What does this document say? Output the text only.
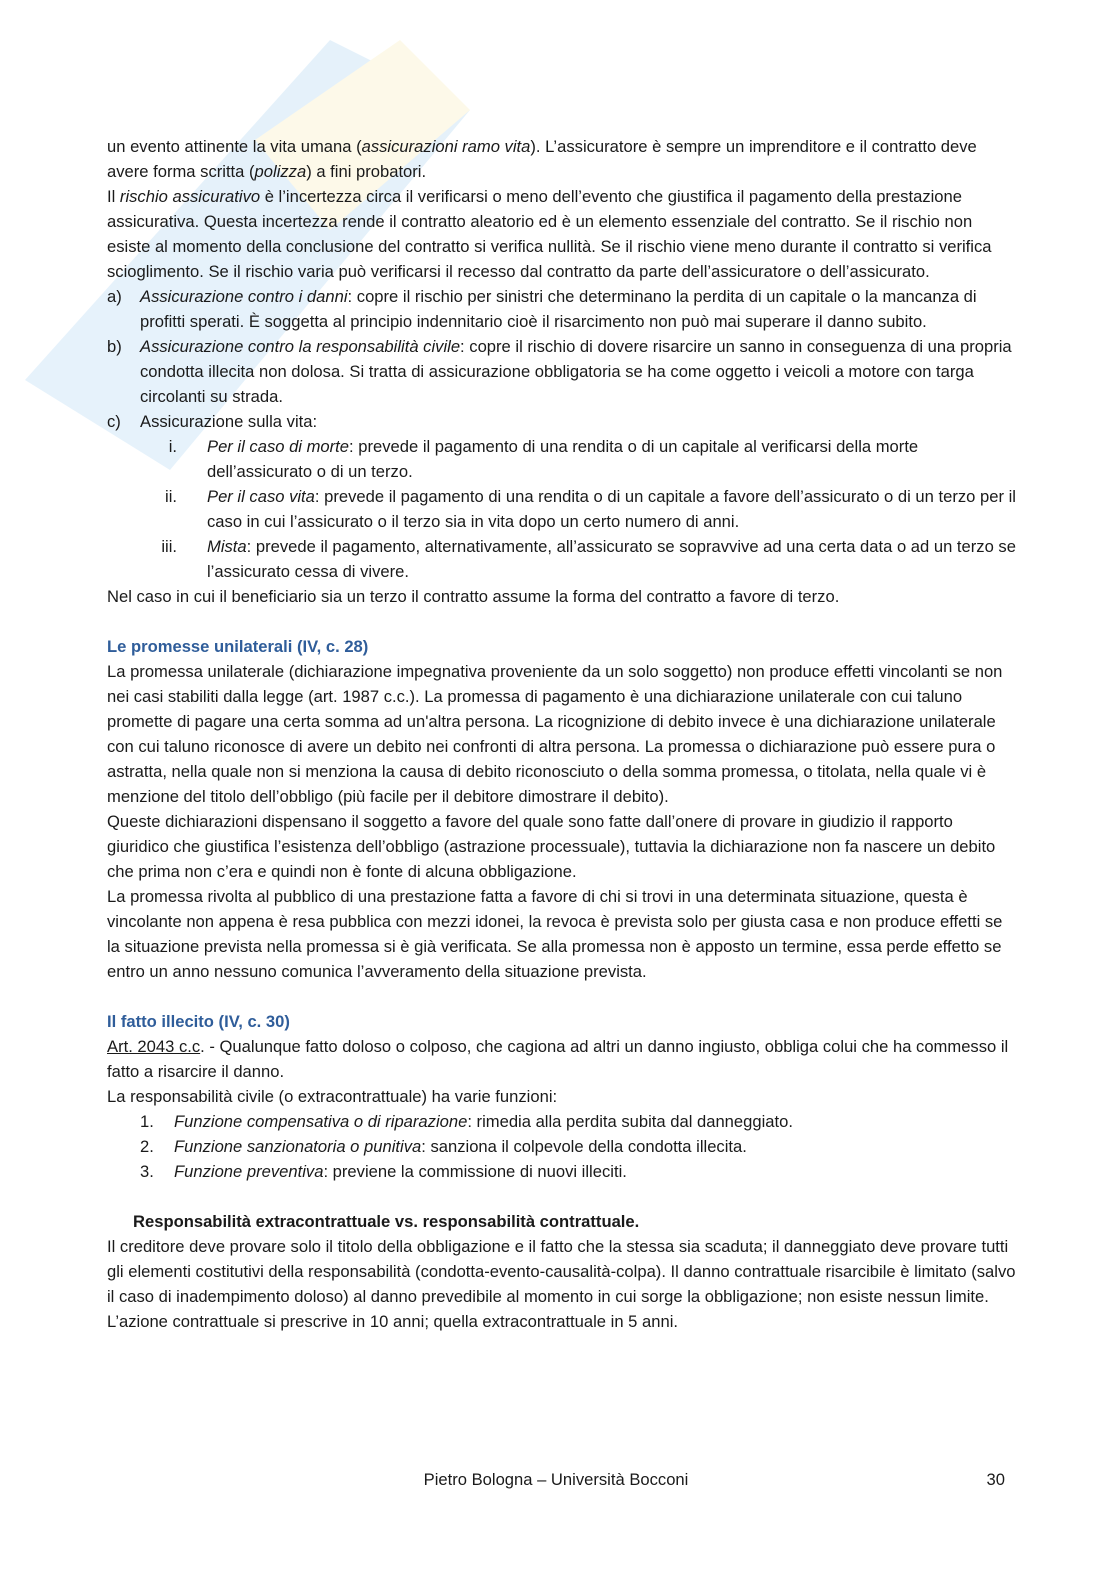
un evento attinente la vita umana (assicurazioni ramo vita). L’assicuratore è sempre un imprenditore e il contratto deve avere forma scritta (polizza) a fini probatori.

Il rischio assicurativo è l’incertezza circa il verificarsi o meno dell’evento che giustifica il pagamento della prestazione assicurativa. Questa incertezza rende il contratto aleatorio ed è un elemento essenziale del contratto. Se il rischio non esiste al momento della conclusione del contratto si verifica nullità. Se il rischio viene meno durante il contratto si verifica scioglimento. Se il rischio varia può verificarsi il recesso dal contratto da parte dell’assicuratore o dell’assicurato.

a) Assicurazione contro i danni: copre il rischio per sinistri che determinano la perdita di un capitale o la mancanza di profitti sperati. È soggetta al principio indennitario cioè il risarcimento non può mai superare il danno subito.
b) Assicurazione contro la responsabilità civile: copre il rischio di dovere risarcire un sanno in conseguenza di una propria condotta illecita non dolosa. Si tratta di assicurazione obbligatoria se ha come oggetto i veicoli a motore con targa circolanti su strada.
c) Assicurazione sulla vita:
i. Per il caso di morte: prevede il pagamento di una rendita o di un capitale al verificarsi della morte dell’assicurato o di un terzo.
ii. Per il caso vita: prevede il pagamento di una rendita o di un capitale a favore dell’assicurato o di un terzo per il caso in cui l’assicurato o il terzo sia in vita dopo un certo numero di anni.
iii. Mista: prevede il pagamento, alternativamente, all’assicurato se sopravvive ad una certa data o ad un terzo se l’assicurato cessa di vivere.

Nel caso in cui il beneficiario sia un terzo il contratto assume la forma del contratto a favore di terzo.

Le promesse unilaterali (IV, c. 28)

La promessa unilaterale (dichiarazione impegnativa proveniente da un solo soggetto) non produce effetti vincolanti se non nei casi stabiliti dalla legge (art. 1987 c.c.). La promessa di pagamento è una dichiarazione unilaterale con cui taluno promette di pagare una certa somma ad un'altra persona. La ricognizione di debito invece è una dichiarazione unilaterale con cui taluno riconosce di avere un debito nei confronti di altra persona. La promessa o dichiarazione può essere pura o astratta, nella quale non si menziona la causa di debito riconosciuto o della somma promessa, o titolata, nella quale vi è menzione del titolo dell’obbligo (più facile per il debitore dimostrare il debito).

Queste dichiarazioni dispensano il soggetto a favore del quale sono fatte dall’onere di provare in giudizio il rapporto giuridico che giustifica l’esistenza dell’obbligo (astrazione processuale), tuttavia la dichiarazione non fa nascere un debito che prima non c’era e quindi non è fonte di alcuna obbligazione.

La promessa rivolta al pubblico di una prestazione fatta a favore di chi si trovi in una determinata situazione, questa è vincolante non appena è resa pubblica con mezzi idonei, la revoca è prevista solo per giusta casa e non produce effetti se la situazione prevista nella promessa si è già verificata. Se alla promessa non è apposto un termine, essa perde effetto se entro un anno nessuno comunica l’avveramento della situazione prevista.

Il fatto illecito (IV, c. 30)

Art. 2043 c.c. - Qualunque fatto doloso o colposo, che cagiona ad altri un danno ingiusto, obbliga colui che ha commesso il fatto a risarcire il danno.

La responsabilità civile (o extracontrattuale) ha varie funzioni:

1. Funzione compensativa o di riparazione: rimedia alla perdita subita dal danneggiato.
2. Funzione sanzionatoria o punitiva: sanziona il colpevole della condotta illecita.
3. Funzione preventiva: previene la commissione di nuovi illeciti.
Responsabilità extracontrattuale vs. responsabilità contrattuale.

Il creditore deve provare solo il titolo della obbligazione e il fatto che la stessa sia scaduta; il danneggiato deve provare tutti gli elementi costitutivi della responsabilità (condotta-evento-causalità-colpa). Il danno contrattuale risarcibile è limitato (salvo il caso di inadempimento doloso) al danno prevedibile al momento in cui sorge la obbligazione; non esiste nessun limite. L’azione contrattuale si prescrive in 10 anni; quella extracontrattuale in 5 anni.

Pietro Bologna – Università Bocconi	30
